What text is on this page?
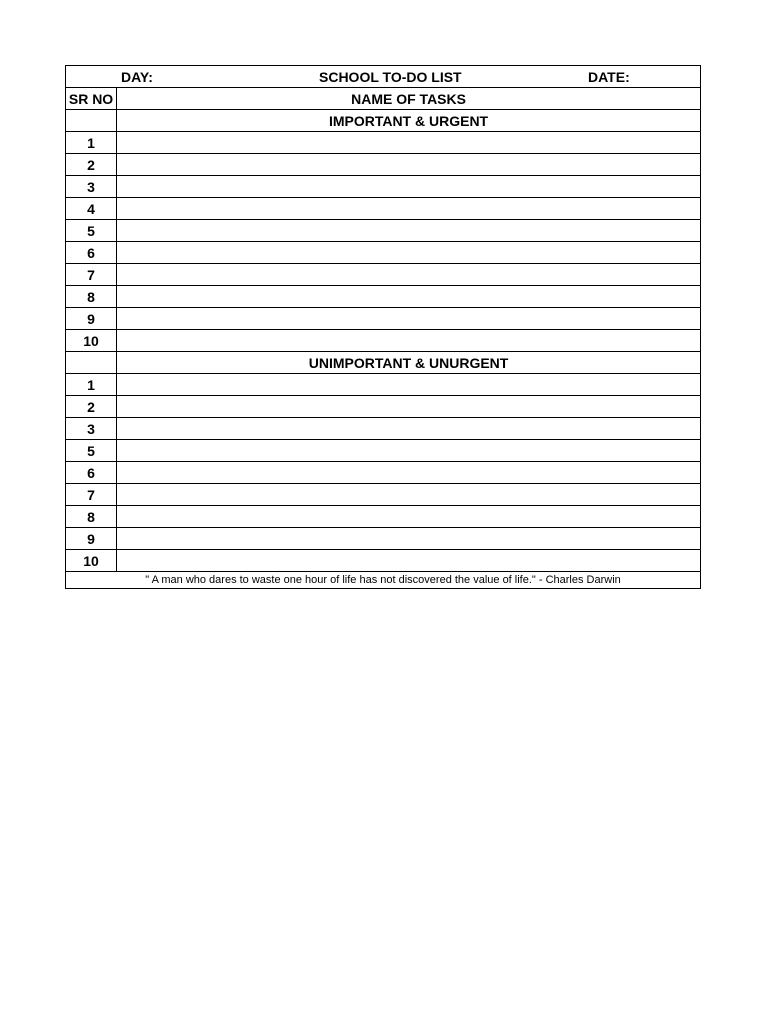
DAY: SCHOOL TO-DO LIST DATE:	

SR NO	NAME OF TASKS
	IMPORTANT & URGENT
1	
2	
3	
4	
5	
6	
7	
8	
9	
10	
	UNIMPORTANT & UNURGENT
1	
2	
3	
5	
6	
7	
8	
9	
10	
" A man who dares to waste one hour of life has not discovered the value of life." - Charles Darwin	
